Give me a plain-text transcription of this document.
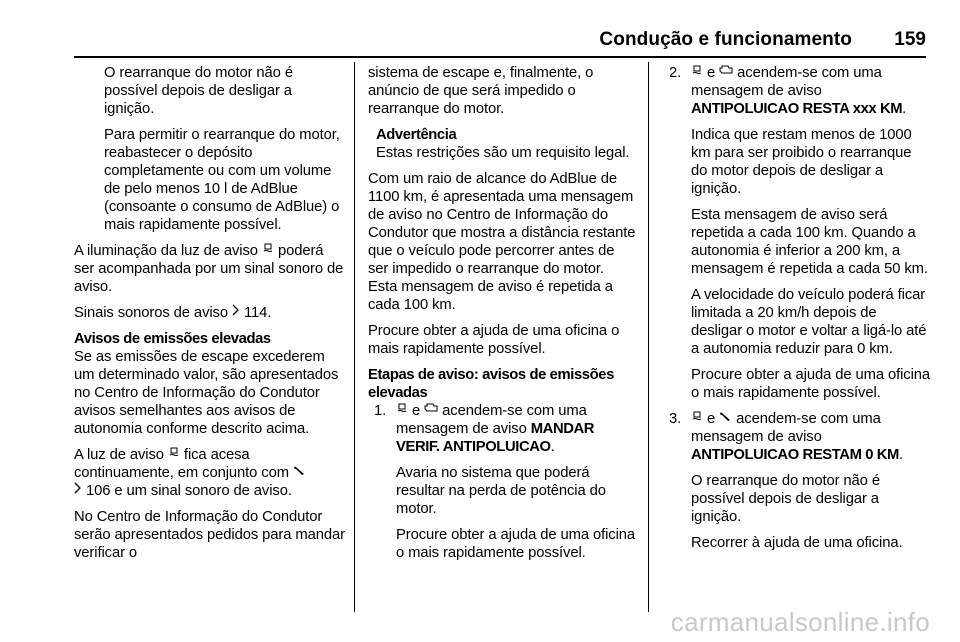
Condução e funcionamento 159

O rearranque do motor não é possível depois de desligar a ignição.

Para permitir o rearranque do motor, reabastecer o depósito completamente ou com um volume de pelo menos 10 l de AdBlue (consoante o consumo de AdBlue) o mais rapidamente possível.

A iluminação da luz de aviso  poderá ser acompanhada por um sinal sonoro de aviso.

Sinais sonoros de aviso  114.

Avisos de emissões elevadas

Se as emissões de escape excederem um determinado valor, são apresentados no Centro de Informação do Condutor avisos semelhantes aos avisos de autonomia conforme descrito acima.

A luz de aviso  fica acesa continuamente, em conjunto com
106 e um sinal sonoro de aviso.

No Centro de Informação do Condutor serão apresentados pedidos para mandar verificar o

sistema de escape e, finalmente, o anúncio de que será impedido o rearranque do motor.

Advertência

Estas restrições são um requisito legal.

Com um raio de alcance do AdBlue de 1100 km, é apresentada uma mensagem de aviso no Centro de Informação do Condutor que mostra a distância restante que o veículo pode percorrer antes de ser impedido o rearranque do motor. Esta mensagem de aviso é repetida a cada 100 km.

Procure obter a ajuda de uma oficina o mais rapidamente possível.

Etapas de aviso: avisos de emissões elevadas

1.	e  acendem-se com uma mensagem de aviso MANDAR VERIF. ANTIPOLUICAO.

Avaria no sistema que poderá resultar na perda de potência do motor.

Procure obter a ajuda de uma oficina o mais rapidamente possível.

2.	e  acendem-se com uma mensagem de aviso
ANTIPOLUICAO RESTA xxx KM.

Indica que restam menos de 1000 km para ser proibido o rearranque do motor depois de desligar a ignição.

Esta mensagem de aviso será repetida a cada 100 km. Quando a autonomia é inferior a 200 km, a mensagem é repetida a cada 50 km.

A velocidade do veículo poderá ficar limitada a 20 km/h depois de desligar o motor e voltar a ligá-lo até a autonomia reduzir para 0 km.

Procure obter a ajuda de uma oficina o mais rapidamente possível.

3.	e  acendem-se com uma mensagem de aviso
ANTIPOLUICAO RESTAM 0 KM.

O rearranque do motor não é possível depois de desligar a ignição.

Recorrer à ajuda de uma oficina.

carmanualsonline.info
